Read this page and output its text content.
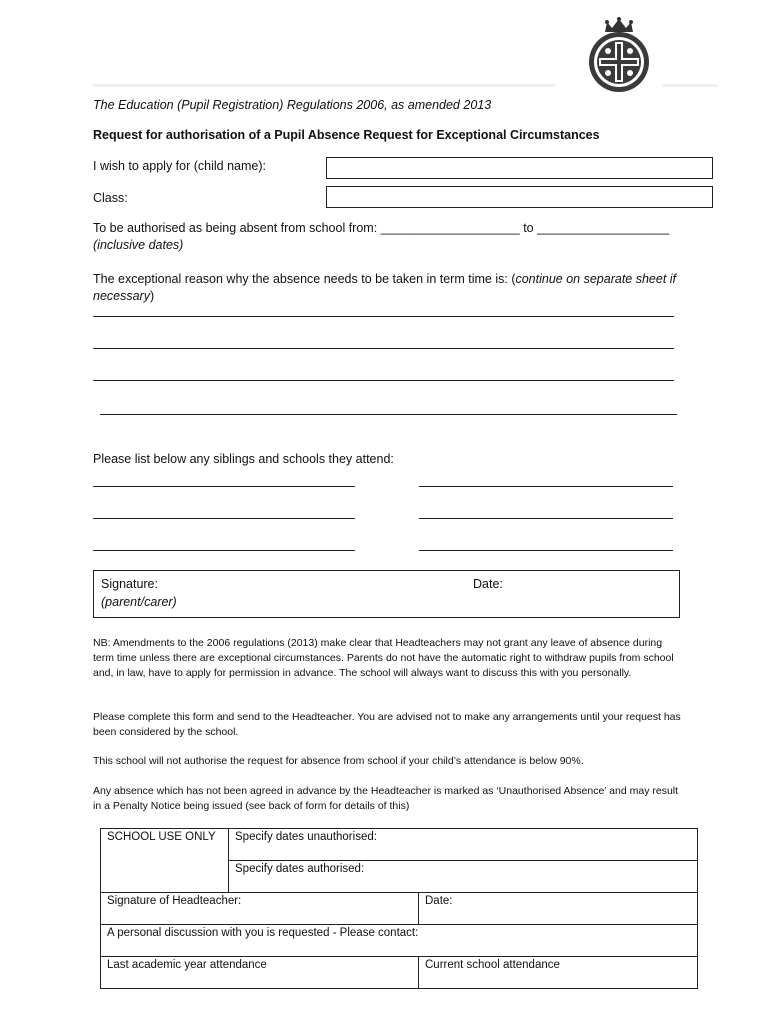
The Education (Pupil Registration) Regulations 2006, as amended 2013
Request for authorisation of a Pupil Absence Request for Exceptional Circumstances
I wish to apply for (child name):
Class:
To be authorised as being absent from school from: ____________________ to ___________________
(inclusive dates)
The exceptional reason why the absence needs to be taken in term time is: (continue on separate sheet if necessary)
Please list below any siblings and schools they attend:
Signature:
(parent/carer)
Date:
NB: Amendments to the 2006 regulations (2013) make clear that Headteachers may not grant any leave of absence during term time unless there are exceptional circumstances. Parents do not have the automatic right to withdraw pupils from school and, in law, have to apply for permission in advance. The school will always want to discuss this with you personally.
Please complete this form and send to the Headteacher. You are advised not to make any arrangements until your request has been considered by the school.
This school will not authorise the request for absence from school if your child’s attendance is below 90%.
Any absence which has not been agreed in advance by the Headteacher is marked as ‘Unauthorised Absence’ and may result in a Penalty Notice being issued (see back of form for details of this)
SCHOOL USE ONLY	Specify dates unauthorised:	
	Specify dates authorised:	
Signature of Headteacher:		Date:
A personal discussion with you is requested - Please contact:		
Last academic year attendance		Current school attendance
